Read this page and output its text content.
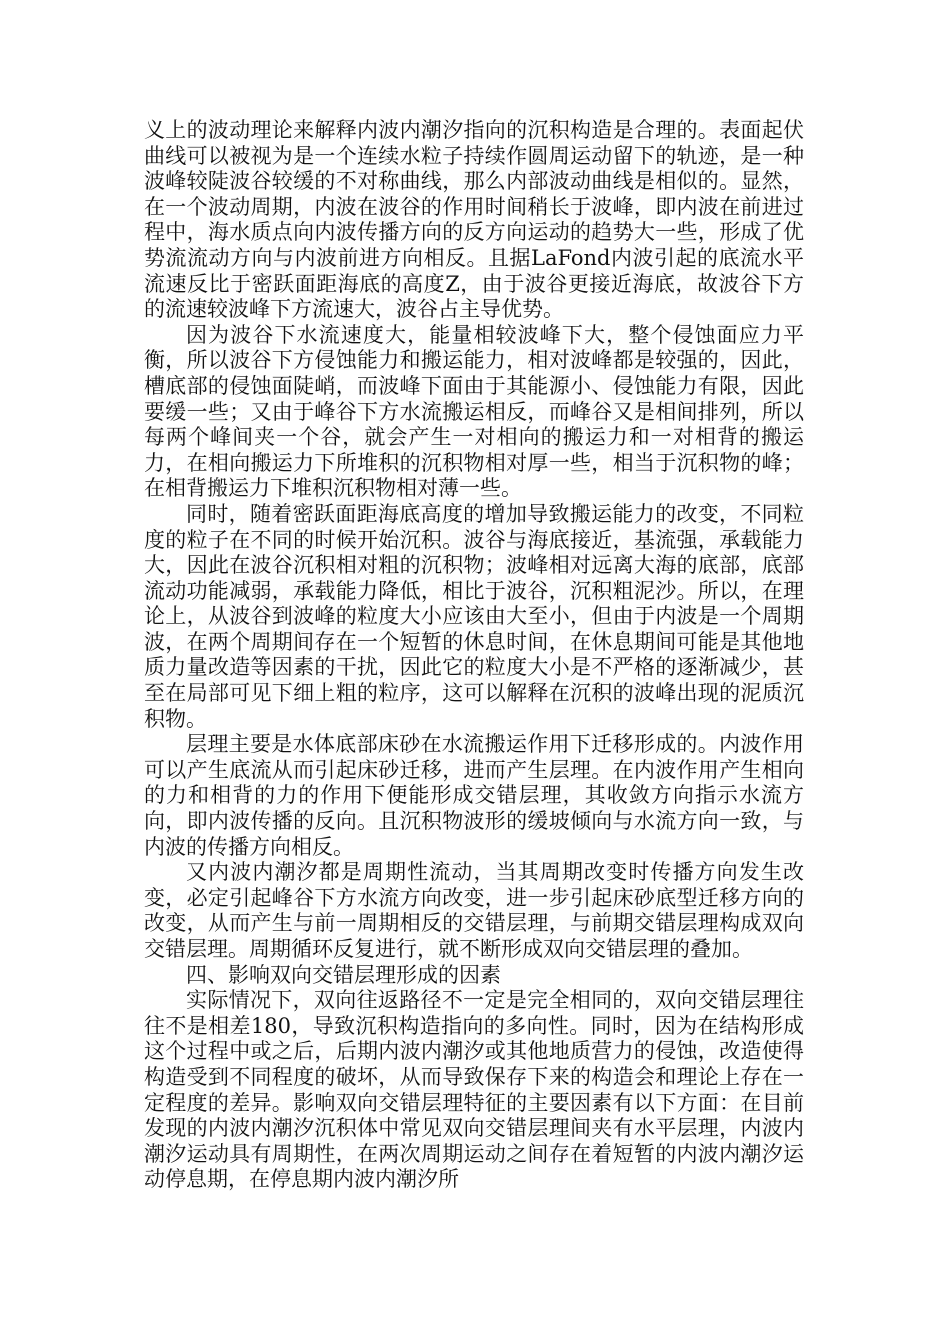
义上的波动理论来解释内波内潮汐指向的沉积构造是合理的。表面起伏曲线可以被视为是一个连续水粒子持续作圆周运动留下的轨迹，是一种波峰较陡波谷较缓的不对称曲线，那么内部波动曲线是相似的。显然，在一个波动周期，内波在波谷的作用时间稍长于波峰，即内波在前进过程中，海水质点向内波传播方向的反方向运动的趋势大一些，形成了优势流流动方向与内波前进方向相反。且据LaFond内波引起的底流水平流速反比于密跃面距海底的高度Z，由于波谷更接近海底，故波谷下方的流速较波峰下方流速大，波谷占主导优势。

因为波谷下水流速度大，能量相较波峰下大，整个侵蚀面应力平衡，所以波谷下方侵蚀能力和搬运能力，相对波峰都是较强的，因此，槽底部的侵蚀面陡峭，而波峰下面由于其能源小、侵蚀能力有限，因此要缓一些；又由于峰谷下方水流搬运相反，而峰谷又是相间排列，所以每两个峰间夹一个谷，就会产生一对相向的搬运力和一对相背的搬运力，在相向搬运力下所堆积的沉积物相对厚一些，相当于沉积物的峰；在相背搬运力下堆积沉积物相对薄一些。

同时，随着密跃面距海底高度的增加导致搬运能力的改变，不同粒度的粒子在不同的时候开始沉积。波谷与海底接近，基流强，承载能力大，因此在波谷沉积相对粗的沉积物；波峰相对远离大海的底部，底部流动功能减弱，承载能力降低，相比于波谷，沉积粗泥沙。所以，在理论上，从波谷到波峰的粒度大小应该由大至小，但由于内波是一个周期波，在两个周期间存在一个短暂的休息时间，在休息期间可能是其他地质力量改造等因素的干扰，因此它的粒度大小是不严格的逐渐减少，甚至在局部可见下细上粗的粒序，这可以解释在沉积的波峰出现的泥质沉积物。

层理主要是水体底部床砂在水流搬运作用下迁移形成的。内波作用可以产生底流从而引起床砂迁移，进而产生层理。在内波作用产生相向的力和相背的力的作用下便能形成交错层理，其收敛方向指示水流方向，即内波传播的反向。且沉积物波形的缓坡倾向与水流方向一致，与内波的传播方向相反。

又内波内潮汐都是周期性流动，当其周期改变时传播方向发生改变，必定引起峰谷下方水流方向改变，进一步引起床砂底型迁移方向的改变，从而产生与前一周期相反的交错层理，与前期交错层理构成双向交错层理。周期循环反复进行，就不断形成双向交错层理的叠加。

四、影响双向交错层理形成的因素

实际情况下，双向往返路径不一定是完全相同的，双向交错层理往往不是相差180，导致沉积构造指向的多向性。同时，因为在结构形成这个过程中或之后，后期内波内潮汐或其他地质营力的侵蚀，改造使得构造受到不同程度的破坏，从而导致保存下来的构造会和理论上存在一定程度的差异。影响双向交错层理特征的主要因素有以下方面：在目前发现的内波内潮汐沉积体中常见双向交错层理间夹有水平层理，内波内潮汐运动具有周期性，在两次周期运动之间存在着短暂的内波内潮汐运动停息期，在停息期内波内潮汐所
